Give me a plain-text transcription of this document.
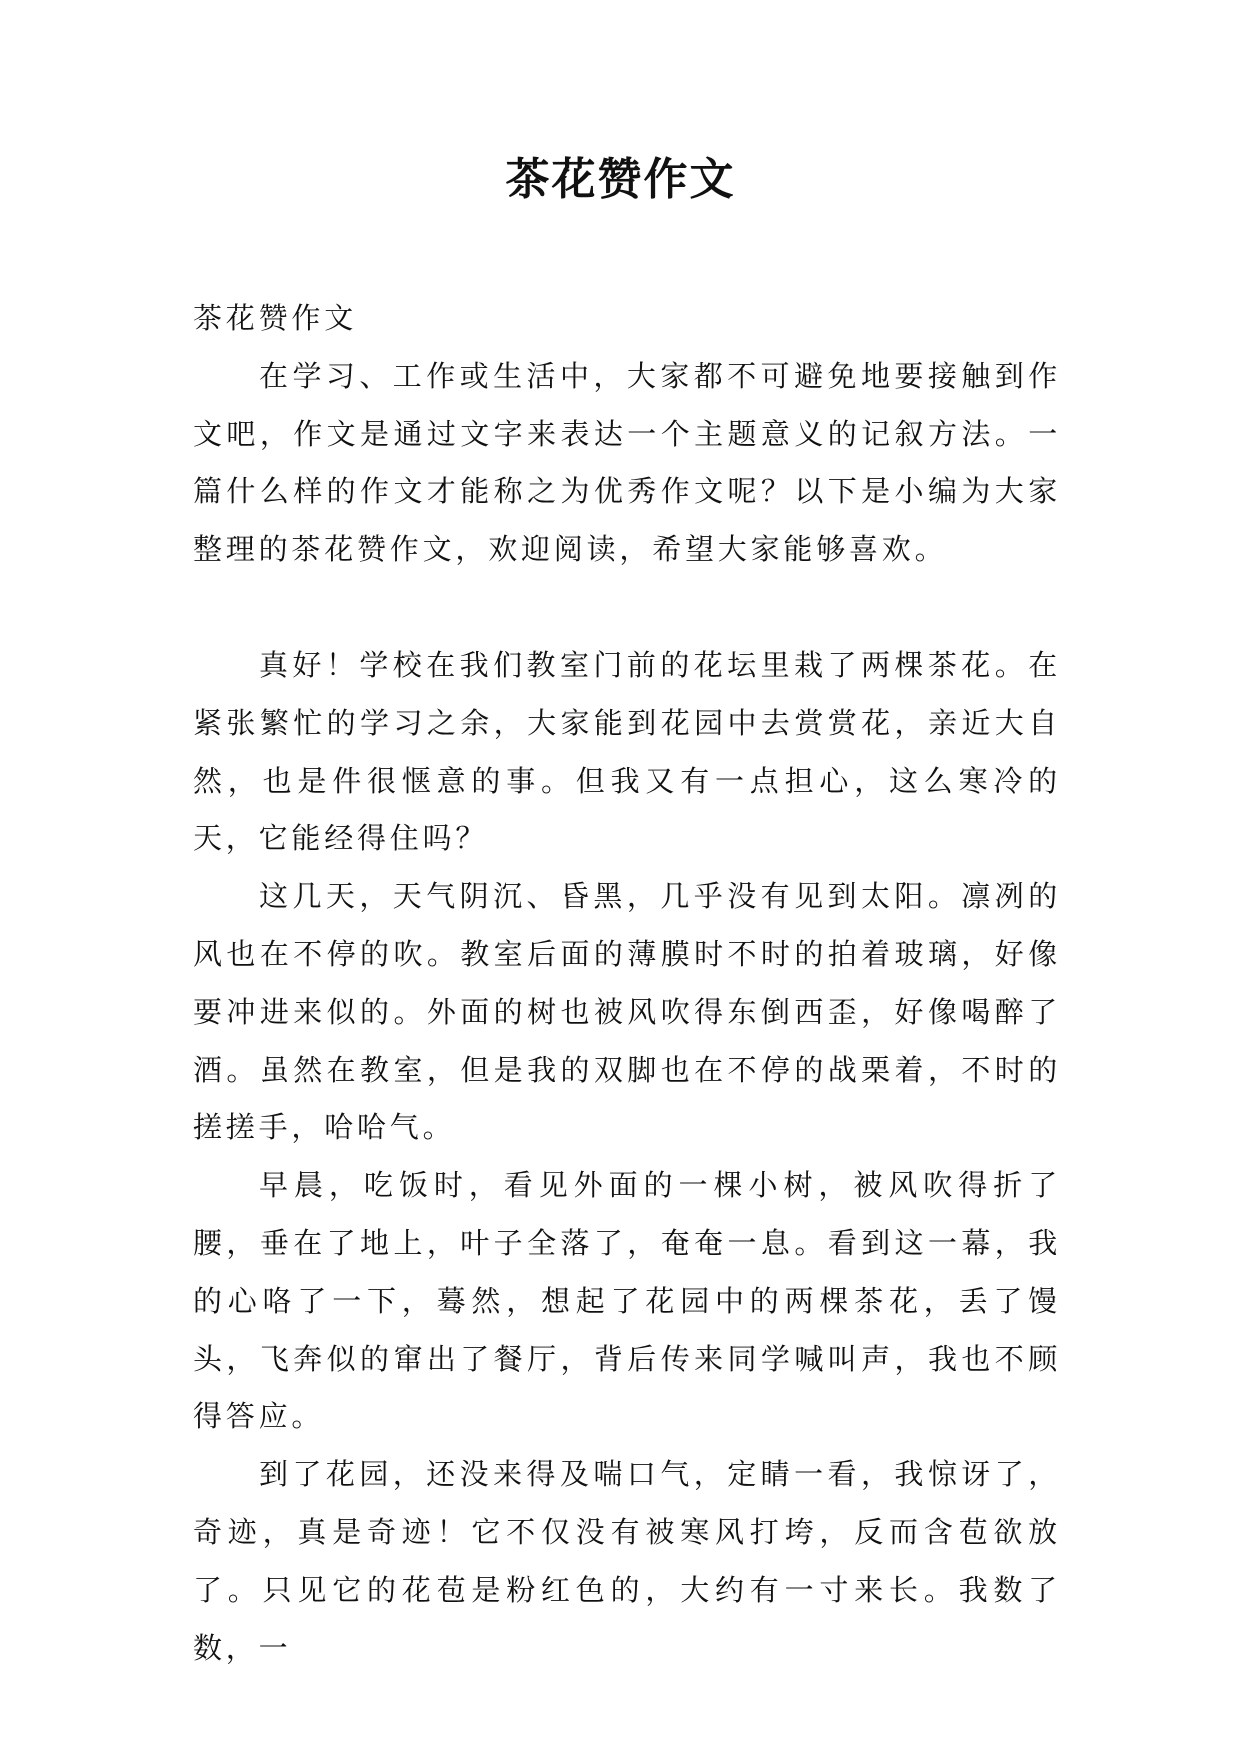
茶花赞作文

茶花赞作文

在学习、工作或生活中，大家都不可避免地要接触到作文吧，作文是通过文字来表达一个主题意义的记叙方法。一篇什么样的作文才能称之为优秀作文呢？以下是小编为大家整理的茶花赞作文，欢迎阅读，希望大家能够喜欢。

真好！学校在我们教室门前的花坛里栽了两棵茶花。在紧张繁忙的学习之余，大家能到花园中去赏赏花，亲近大自然，也是件很惬意的事。但我又有一点担心，这么寒冷的天，它能经得住吗？

这几天，天气阴沉、昏黑，几乎没有见到太阳。凛冽的风也在不停的吹。教室后面的薄膜时不时的拍着玻璃，好像要冲进来似的。外面的树也被风吹得东倒西歪，好像喝醉了酒。虽然在教室，但是我的双脚也在不停的战栗着，不时的搓搓手，哈哈气。

早晨，吃饭时，看见外面的一棵小树，被风吹得折了腰，垂在了地上，叶子全落了，奄奄一息。看到这一幕，我的心咯了一下，蓦然，想起了花园中的两棵茶花，丢了馒头，飞奔似的窜出了餐厅，背后传来同学喊叫声，我也不顾得答应。

到了花园，还没来得及喘口气，定睛一看，我惊讶了，奇迹，真是奇迹！它不仅没有被寒风打垮，反而含苞欲放了。只见它的花苞是粉红色的，大约有一寸来长。我数了数，一
